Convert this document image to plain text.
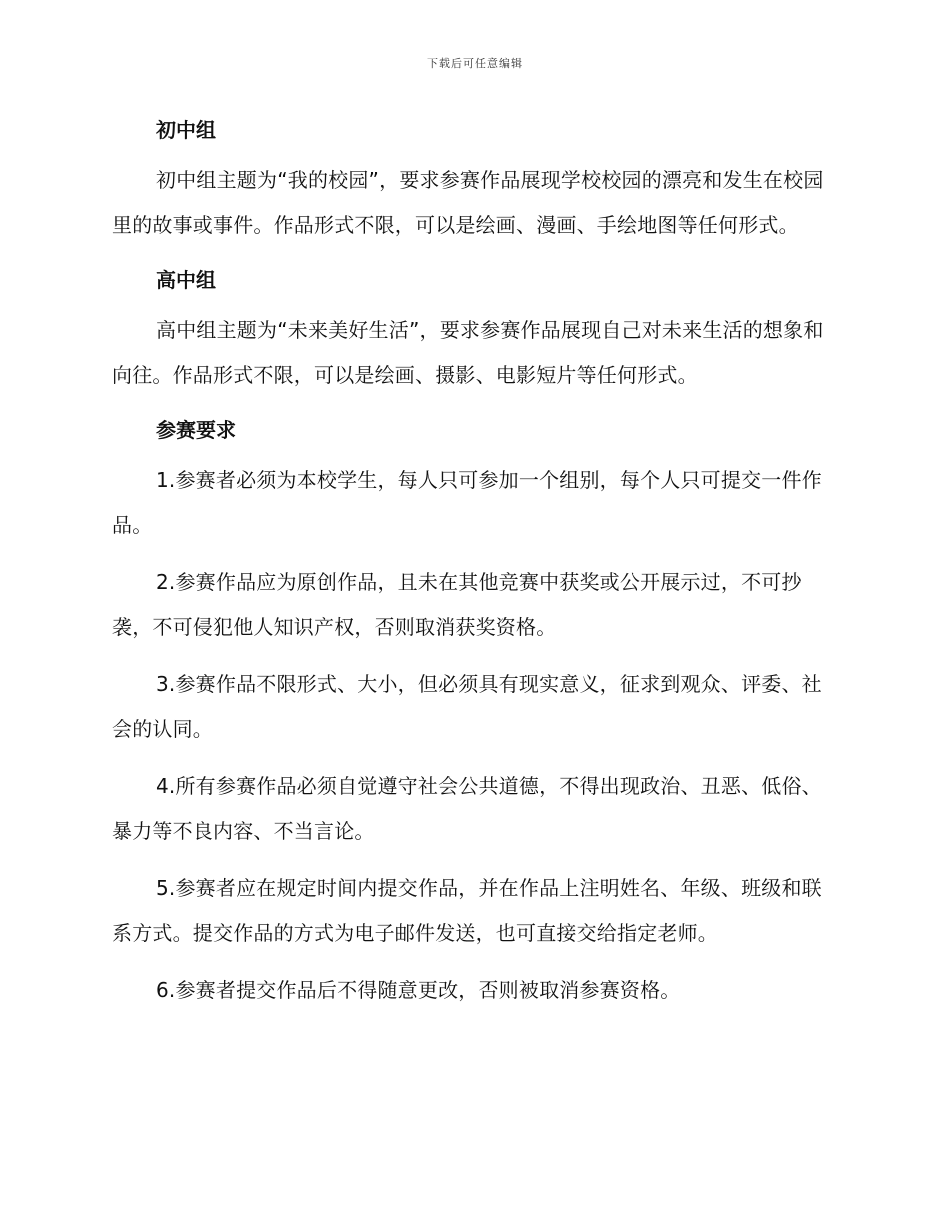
下载后可任意编辑
初中组

初中组主题为“我的校园”，要求参赛作品展现学校校园的漂亮和发生在校园里的故事或事件。作品形式不限，可以是绘画、漫画、手绘地图等任何形式。

高中组

高中组主题为“未来美好生活”，要求参赛作品展现自己对未来生活的想象和向往。作品形式不限，可以是绘画、摄影、电影短片等任何形式。

参赛要求

1.参赛者必须为本校学生，每人只可参加一个组别，每个人只可提交一件作品。

2.参赛作品应为原创作品，且未在其他竞赛中获奖或公开展示过，不可抄袭，不可侵犯他人知识产权，否则取消获奖资格。

3.参赛作品不限形式、大小，但必须具有现实意义，征求到观众、评委、社会的认同。

4.所有参赛作品必须自觉遵守社会公共道德，不得出现政治、丑恶、低俗、暴力等不良内容、不当言论。

5.参赛者应在规定时间内提交作品，并在作品上注明姓名、年级、班级和联系方式。提交作品的方式为电子邮件发送，也可直接交给指定老师。

6.参赛者提交作品后不得随意更改，否则被取消参赛资格。
